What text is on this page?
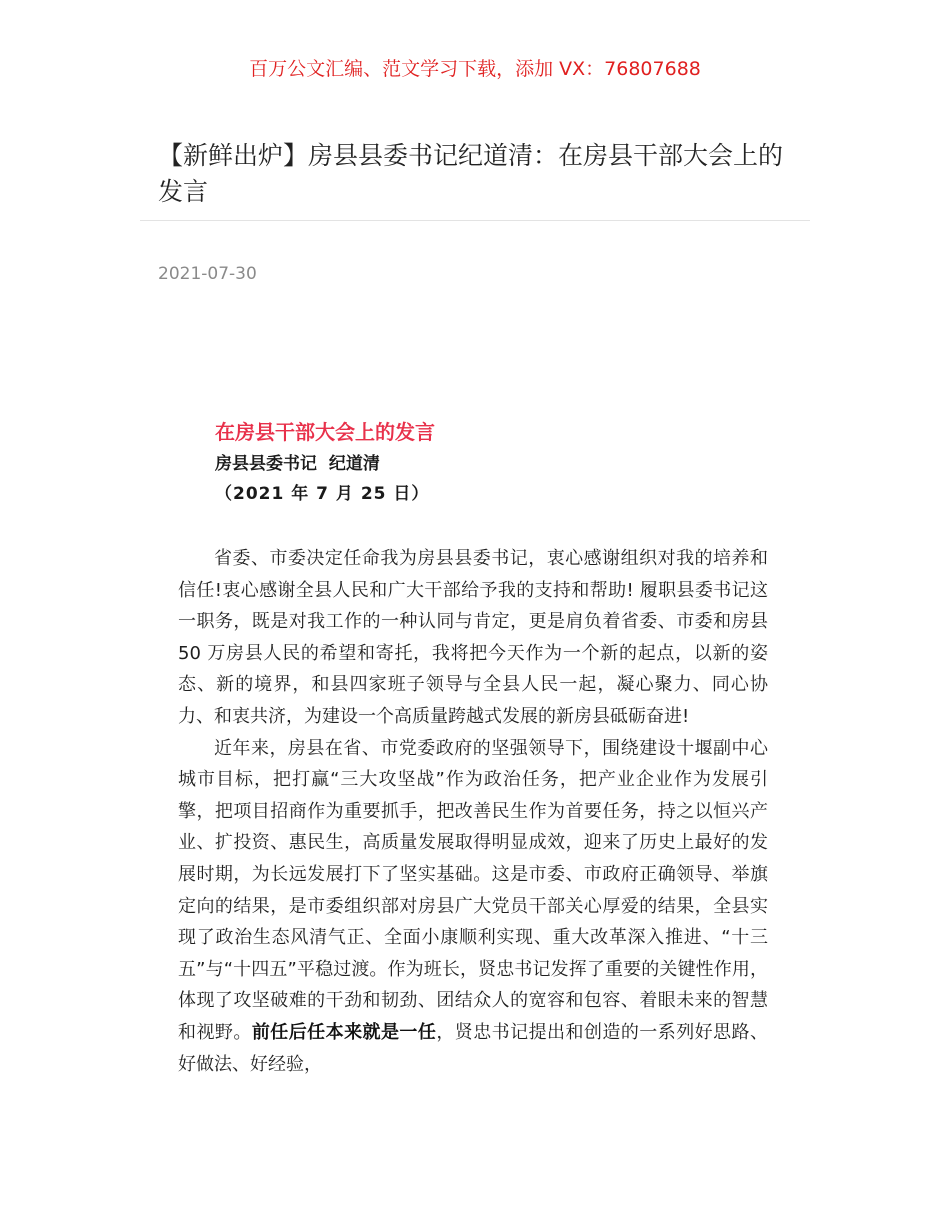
百万公文汇编、范文学习下载，添加 VX：76807688
【新鲜出炉】房县县委书记纪道清：在房县干部大会上的发言
2021-07-30
在房县干部大会上的发言
房县县委书记  纪道清
（2021 年 7 月 25 日）

省委、市委决定任命我为房县县委书记，衷心感谢组织对我的培养和信任!衷心感谢全县人民和广大干部给予我的支持和帮助! 履职县委书记这一职务，既是对我工作的一种认同与肯定，更是肩负着省委、市委和房县 50 万房县人民的希望和寄托，我将把今天作为一个新的起点，以新的姿态、新的境界，和县四家班子领导与全县人民一起，凝心聚力、同心协力、和衷共济，为建设一个高质量跨越式发展的新房县砥砺奋进!

近年来，房县在省、市党委政府的坚强领导下，围绕建设十堰副中心城市目标，把打赢“三大攻坚战”作为政治任务，把产业企业作为发展引擎，把项目招商作为重要抓手，把改善民生作为首要任务，持之以恒兴产业、扩投资、惠民生，高质量发展取得明显成效，迎来了历史上最好的发展时期，为长远发展打下了坚实基础。这是市委、市政府正确领导、举旗定向的结果，是市委组织部对房县广大党员干部关心厚爱的结果，全县实现了政治生态风清气正、全面小康顺利实现、重大改革深入推进、“十三五”与“十四五”平稳过渡。作为班长，贤忠书记发挥了重要的关键性作用，体现了攻坚破难的干劲和韧劲、团结众人的宽容和包容、着眼未来的智慧和视野。前任后任本来就是一任，贤忠书记提出和创造的一系列好思路、好做法、好经验，
